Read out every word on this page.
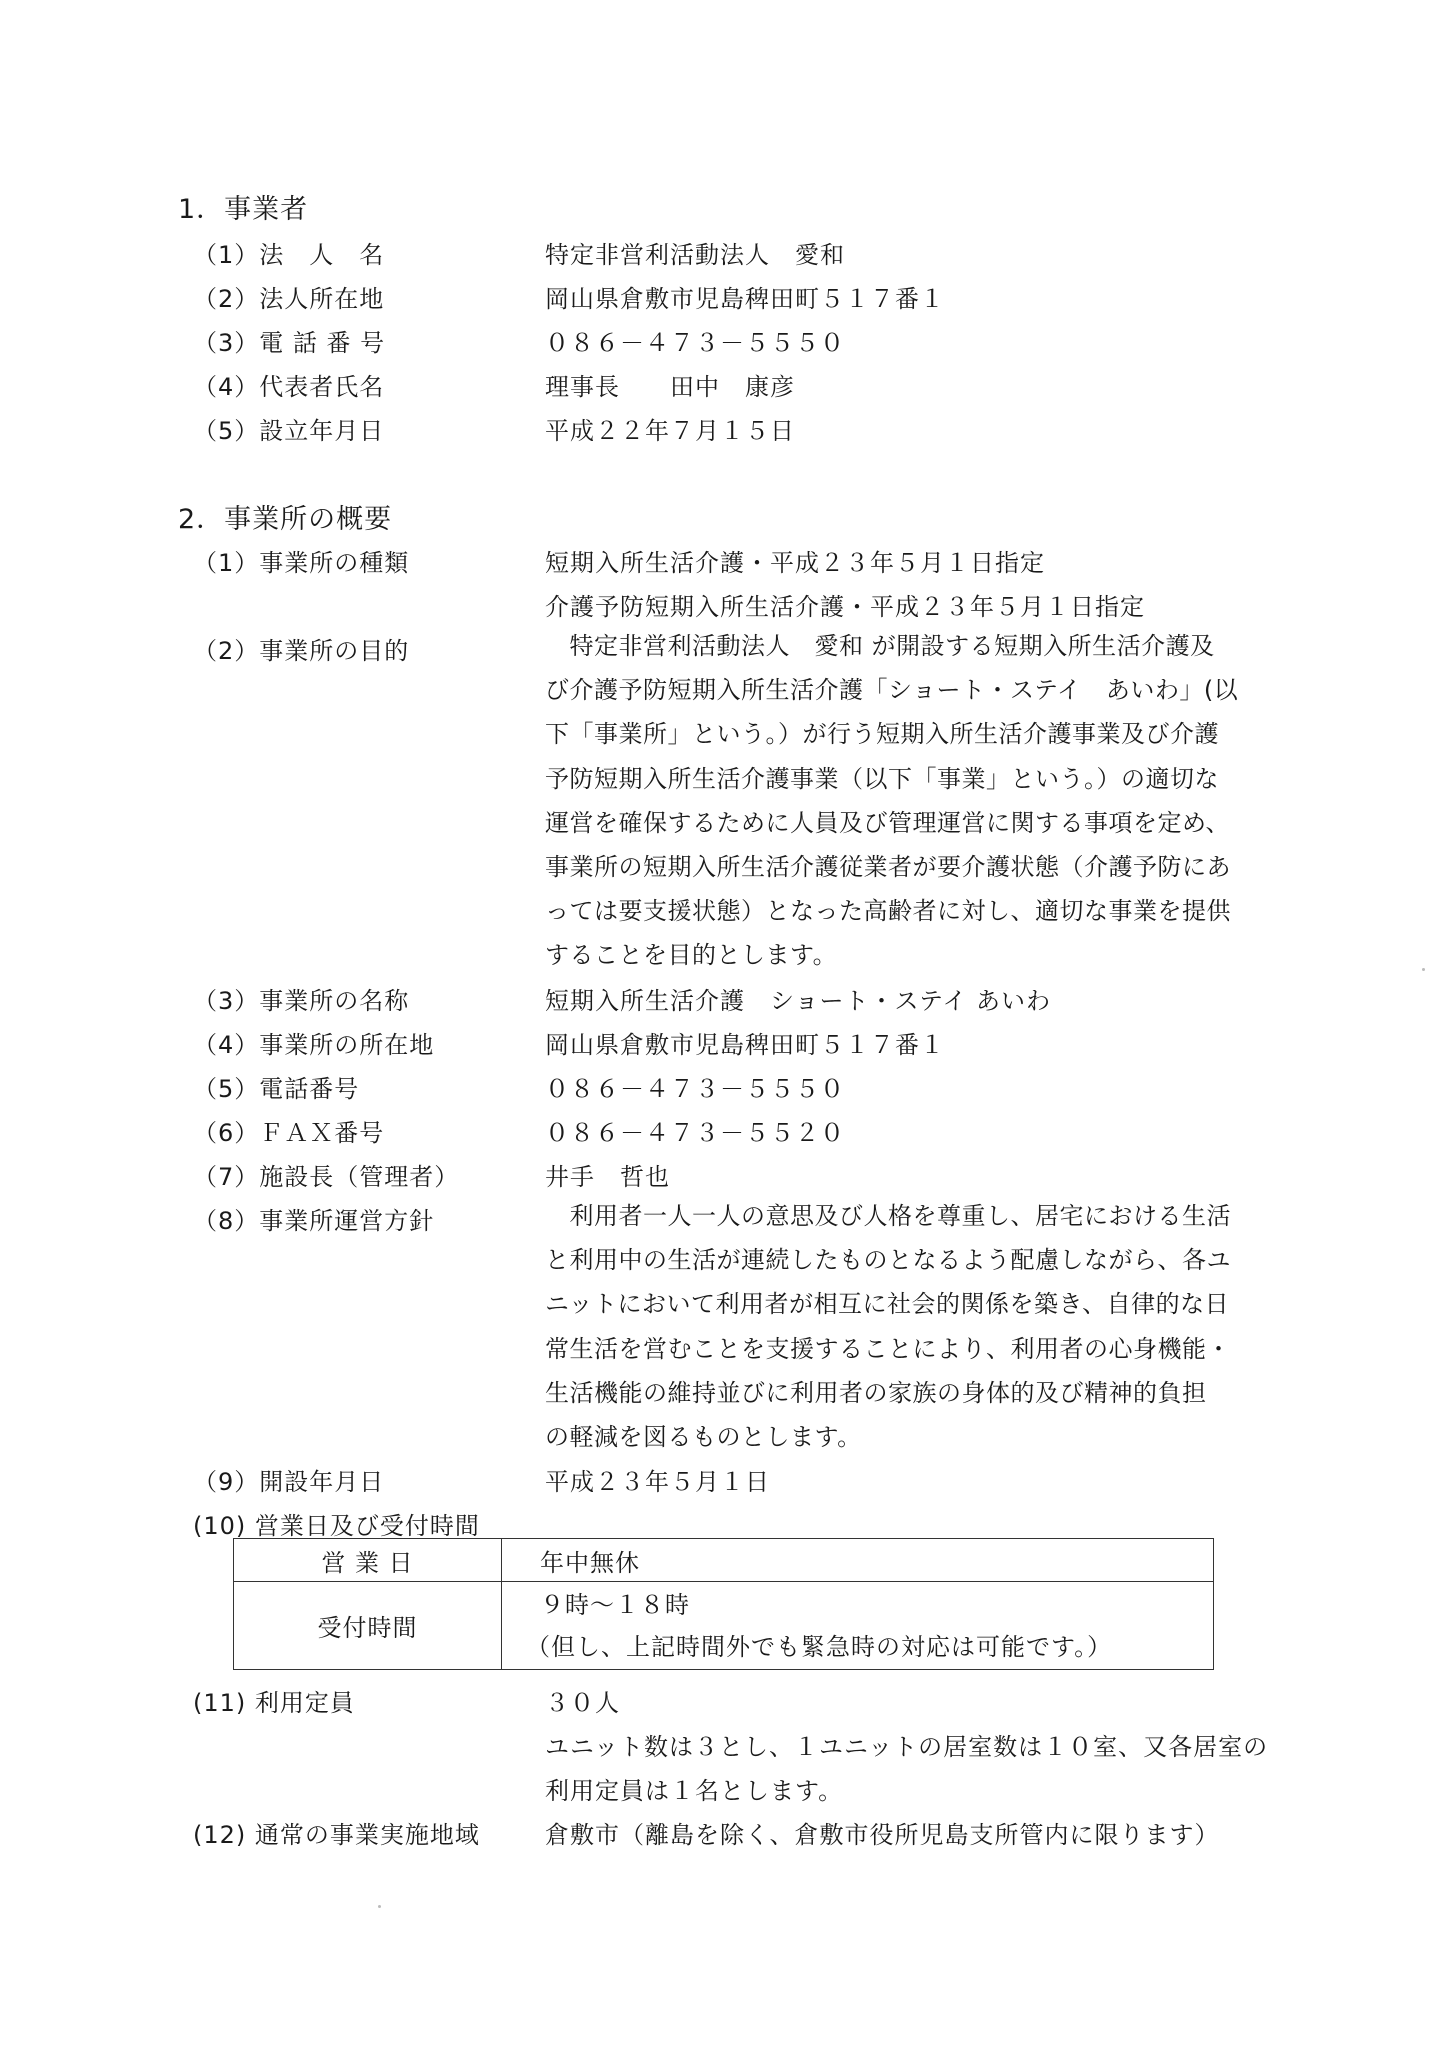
1．事業者
（1）法　人　名	特定非営利活動法人　愛和
（2）法人所在地	岡山県倉敷市児島稗田町５１７番１
（3）電 話 番 号	０８６－４７３－５５５０
（4）代表者氏名	理事長　　田中　康彦
（5）設立年月日	平成２２年７月１５日
2．事業所の概要
（1）事業所の種類	短期入所生活介護・平成２３年５月１日指定
介護予防短期入所生活介護・平成２３年５月１日指定
（2）事業所の目的	　特定非営利活動法人　愛和 が開設する短期入所生活介護及
び介護予防短期入所生活介護「ショート・ステイ　あいわ」(以
下「事業所」という。）が行う短期入所生活介護事業及び介護
予防短期入所生活介護事業（以下「事業」という。）の適切な
運営を確保するために人員及び管理運営に関する事項を定め、
事業所の短期入所生活介護従業者が要介護状態（介護予防にあ
っては要支援状態）となった高齢者に対し、適切な事業を提供
することを目的とします。
（3）事業所の名称	短期入所生活介護　ショート・ステイ あいわ
（4）事業所の所在地	岡山県倉敷市児島稗田町５１７番１
（5）電話番号	０８６－４７３－５５５０
（6）ＦＡＸ番号	０８６－４７３－５５２０
（7）施設長（管理者）	井手　哲也
（8）事業所運営方針	　利用者一人一人の意思及び人格を尊重し、居宅における生活
と利用中の生活が連続したものとなるよう配慮しながら、各ユ
ニットにおいて利用者が相互に社会的関係を築き、自律的な日
常生活を営むことを支援することにより、利用者の心身機能・
生活機能の維持並びに利用者の家族の身体的及び精神的負担
の軽減を図るものとします。
（9）開設年月日	平成２３年５月１日
(10) 営業日及び受付時間
営 業 日	年中無休
受付時間	９時～１８時
（但し、上記時間外でも緊急時の対応は可能です。）
(11) 利用定員	３０人
ユニット数は３とし、１ユニットの居室数は１０室、又各居室の
利用定員は１名とします。
(12) 通常の事業実施地域	倉敷市（離島を除く、倉敷市役所児島支所管内に限ります）
